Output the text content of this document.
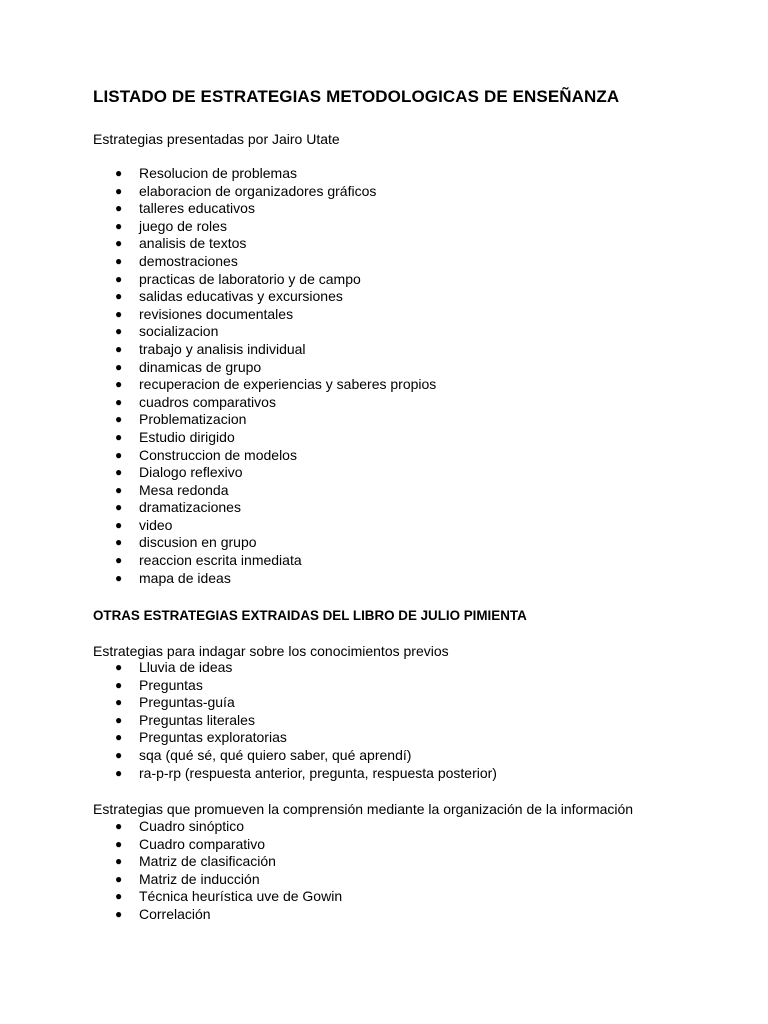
LISTADO DE ESTRATEGIAS METODOLOGICAS DE ENSEÑANZA

Estrategias presentadas por Jairo Utate

● Resolucion de problemas
● elaboracion de organizadores gráficos
● talleres educativos
● juego de roles
● analisis de textos
● demostraciones
● practicas de laboratorio y de campo
● salidas educativas y excursiones
● revisiones documentales
● socializacion
● trabajo y analisis individual
● dinamicas de grupo
● recuperacion de experiencias y saberes propios
● cuadros comparativos
● Problematizacion
● Estudio dirigido
● Construccion de modelos
● Dialogo reflexivo
● Mesa redonda
● dramatizaciones
● video
● discusion en grupo
● reaccion escrita inmediata
● mapa de ideas
OTRAS ESTRATEGIAS EXTRAIDAS DEL LIBRO DE JULIO PIMIENTA

Estrategias para indagar sobre los conocimientos previos

● Lluvia de ideas
● Preguntas
● Preguntas-guía
● Preguntas literales
● Preguntas exploratorias
● sqa (qué sé, qué quiero saber, qué aprendí)
● ra-p-rp (respuesta anterior, pregunta, respuesta posterior)

Estrategias que promueven la comprensión mediante la organización de la información

● Cuadro sinóptico
● Cuadro comparativo
● Matriz de clasificación
● Matriz de inducción
● Técnica heurística uve de Gowin
● Correlación
